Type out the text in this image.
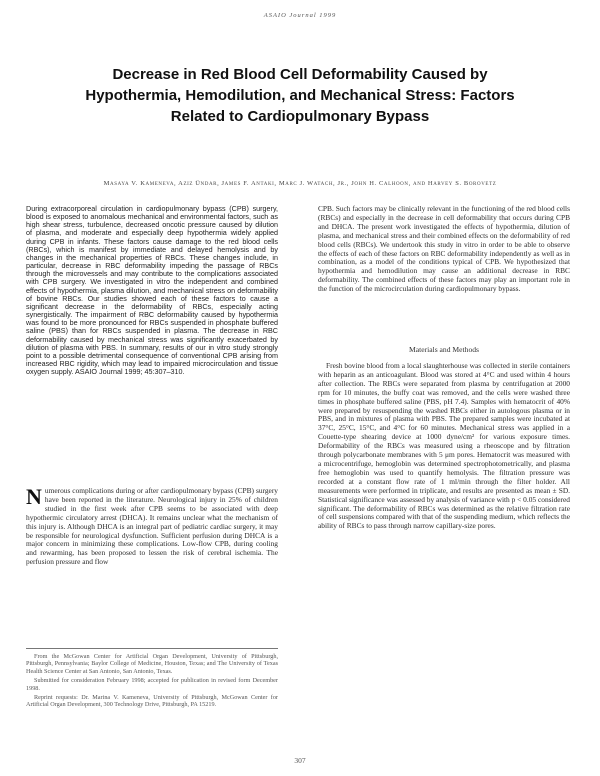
ASAIO Journal 1999
Decrease in Red Blood Cell Deformability Caused by
Hypothermia, Hemodilution, and Mechanical Stress: Factors
Related to Cardiopulmonary Bypass
Masaya V. Kameneva, Aziz Ündar, James F. Antaki, Marc J. Watach, Jr., John H. Calhoon, and Harvey S. Borovetz
During extracorporeal circulation in cardiopulmonary bypass (CPB) surgery, blood is exposed to anomalous mechanical and environmental factors, such as high shear stress, turbulence, decreased oncotic pressure caused by dilution of plasma, and moderate and especially deep hypothermia widely applied during CPB in infants. These factors cause damage to the red blood cells (RBCs), which is manifest by immediate and delayed hemolysis and by changes in the mechanical properties of RBCs. These changes include, in particular, decrease in RBC deformability impeding the passage of RBCs through the microvessels and may contribute to the complications associated with CPB surgery. We investigated in vitro the independent and combined effects of hypothermia, plasma dilution, and mechanical stress on deformability of bovine RBCs. Our studies showed each of these factors to cause a significant decrease in the deformability of RBCs, especially acting synergistically. The impairment of RBC deformability caused by hypothermia was found to be more pronounced for RBCs suspended in phosphate buffered saline (PBS) than for RBCs suspended in plasma. The decrease in RBC deformability caused by mechanical stress was significantly exacerbated by dilution of plasma with PBS. In summary, results of our in vitro study strongly point to a possible detrimental consequence of conventional CPB arising from increased RBC rigidity, which may lead to impaired microcirculation and tissue oxygen supply. ASAIO Journal 1999; 45:307–310.
Numerous complications during or after cardiopulmonary bypass (CPB) surgery have been reported in the literature. Neurological injury in 25% of children studied in the first week after CPB seems to be associated with deep hypothermic circulatory arrest (DHCA). It remains unclear what the mechanism of this injury is. Although DHCA is an integral part of pediatric cardiac surgery, it may be responsible for neurological dysfunction. Sufficient perfusion during DHCA is a major concern in minimizing these complications. Low-flow CPB, during cooling and rewarming, has been proposed to lessen the risk of cerebral ischemia. The perfusion pressure and flow

From the McGowan Center for Artificial Organ Development, University of Pittsburgh, Pittsburgh, Pennsylvania; Baylor College of Medicine, Houston, Texas; and The University of Texas Health Science Center at San Antonio, San Antonio, Texas.

Submitted for consideration February 1998; accepted for publication in revised form December 1998.

Reprint requests: Dr. Marina V. Kameneva, University of Pittsburgh, McGowan Center for Artificial Organ Development, 300 Technology Drive, Pittsburgh, PA 15219.

CPB. Such factors may be clinically relevant in the functioning of the red blood cells (RBCs) and especially in the decrease in cell deformability that occurs during CPB and DHCA. The present work investigated the effects of hypothermia, dilution of plasma, and mechanical stress and their combined effects on the deformability of red blood cells (RBCs). We undertook this study in vitro in order to be able to observe the effects of each of these factors on RBC deformability independently as well as in combination, as a model of the conditions typical of CPB. We hypothesized that hypothermia and hemodilution may cause an additional decrease in RBC deformability. The combined effects of these factors may play an important role in the function of the microcirculation during cardiopulmonary bypass.
Materials and Methods
Fresh bovine blood from a local slaughterhouse was collected in sterile containers with heparin as an anticoagulant. Blood was stored at 4°C and used within 4 hours after collection. The RBCs were separated from plasma by centrifugation at 2000 rpm for 10 minutes, the buffy coat was removed, and the cells were washed three times in phosphate buffered saline (PBS, pH 7.4). Samples with hematocrit of 40% were prepared by resuspending the washed RBCs either in autologous plasma or in PBS, and in mixtures of plasma with PBS. The prepared samples were incubated at 37°C, 25°C, 15°C, and 4°C for 60 minutes. Mechanical stress was applied in a Couette-type shearing device at 1000 dyne/cm² for various exposure times. Deformability of the RBCs was measured using a rheoscope and by filtration through polycarbonate membranes with 5 μm pores. Hematocrit was measured with a microcentrifuge, hemoglobin was determined spectrophotometrically, and plasma free hemoglobin was used to quantify hemolysis. The filtration pressure was recorded at a constant flow rate of 1 ml/min through the filter holder. All measurements were performed in triplicate, and results are presented as mean ± SD. Statistical significance was assessed by analysis of variance with p < 0.05 considered significant. The deformability of RBCs was determined as the relative filtration rate of cell suspensions compared with that of the suspending medium, which reflects the ability of RBCs to pass through narrow capillary-size pores.
307
